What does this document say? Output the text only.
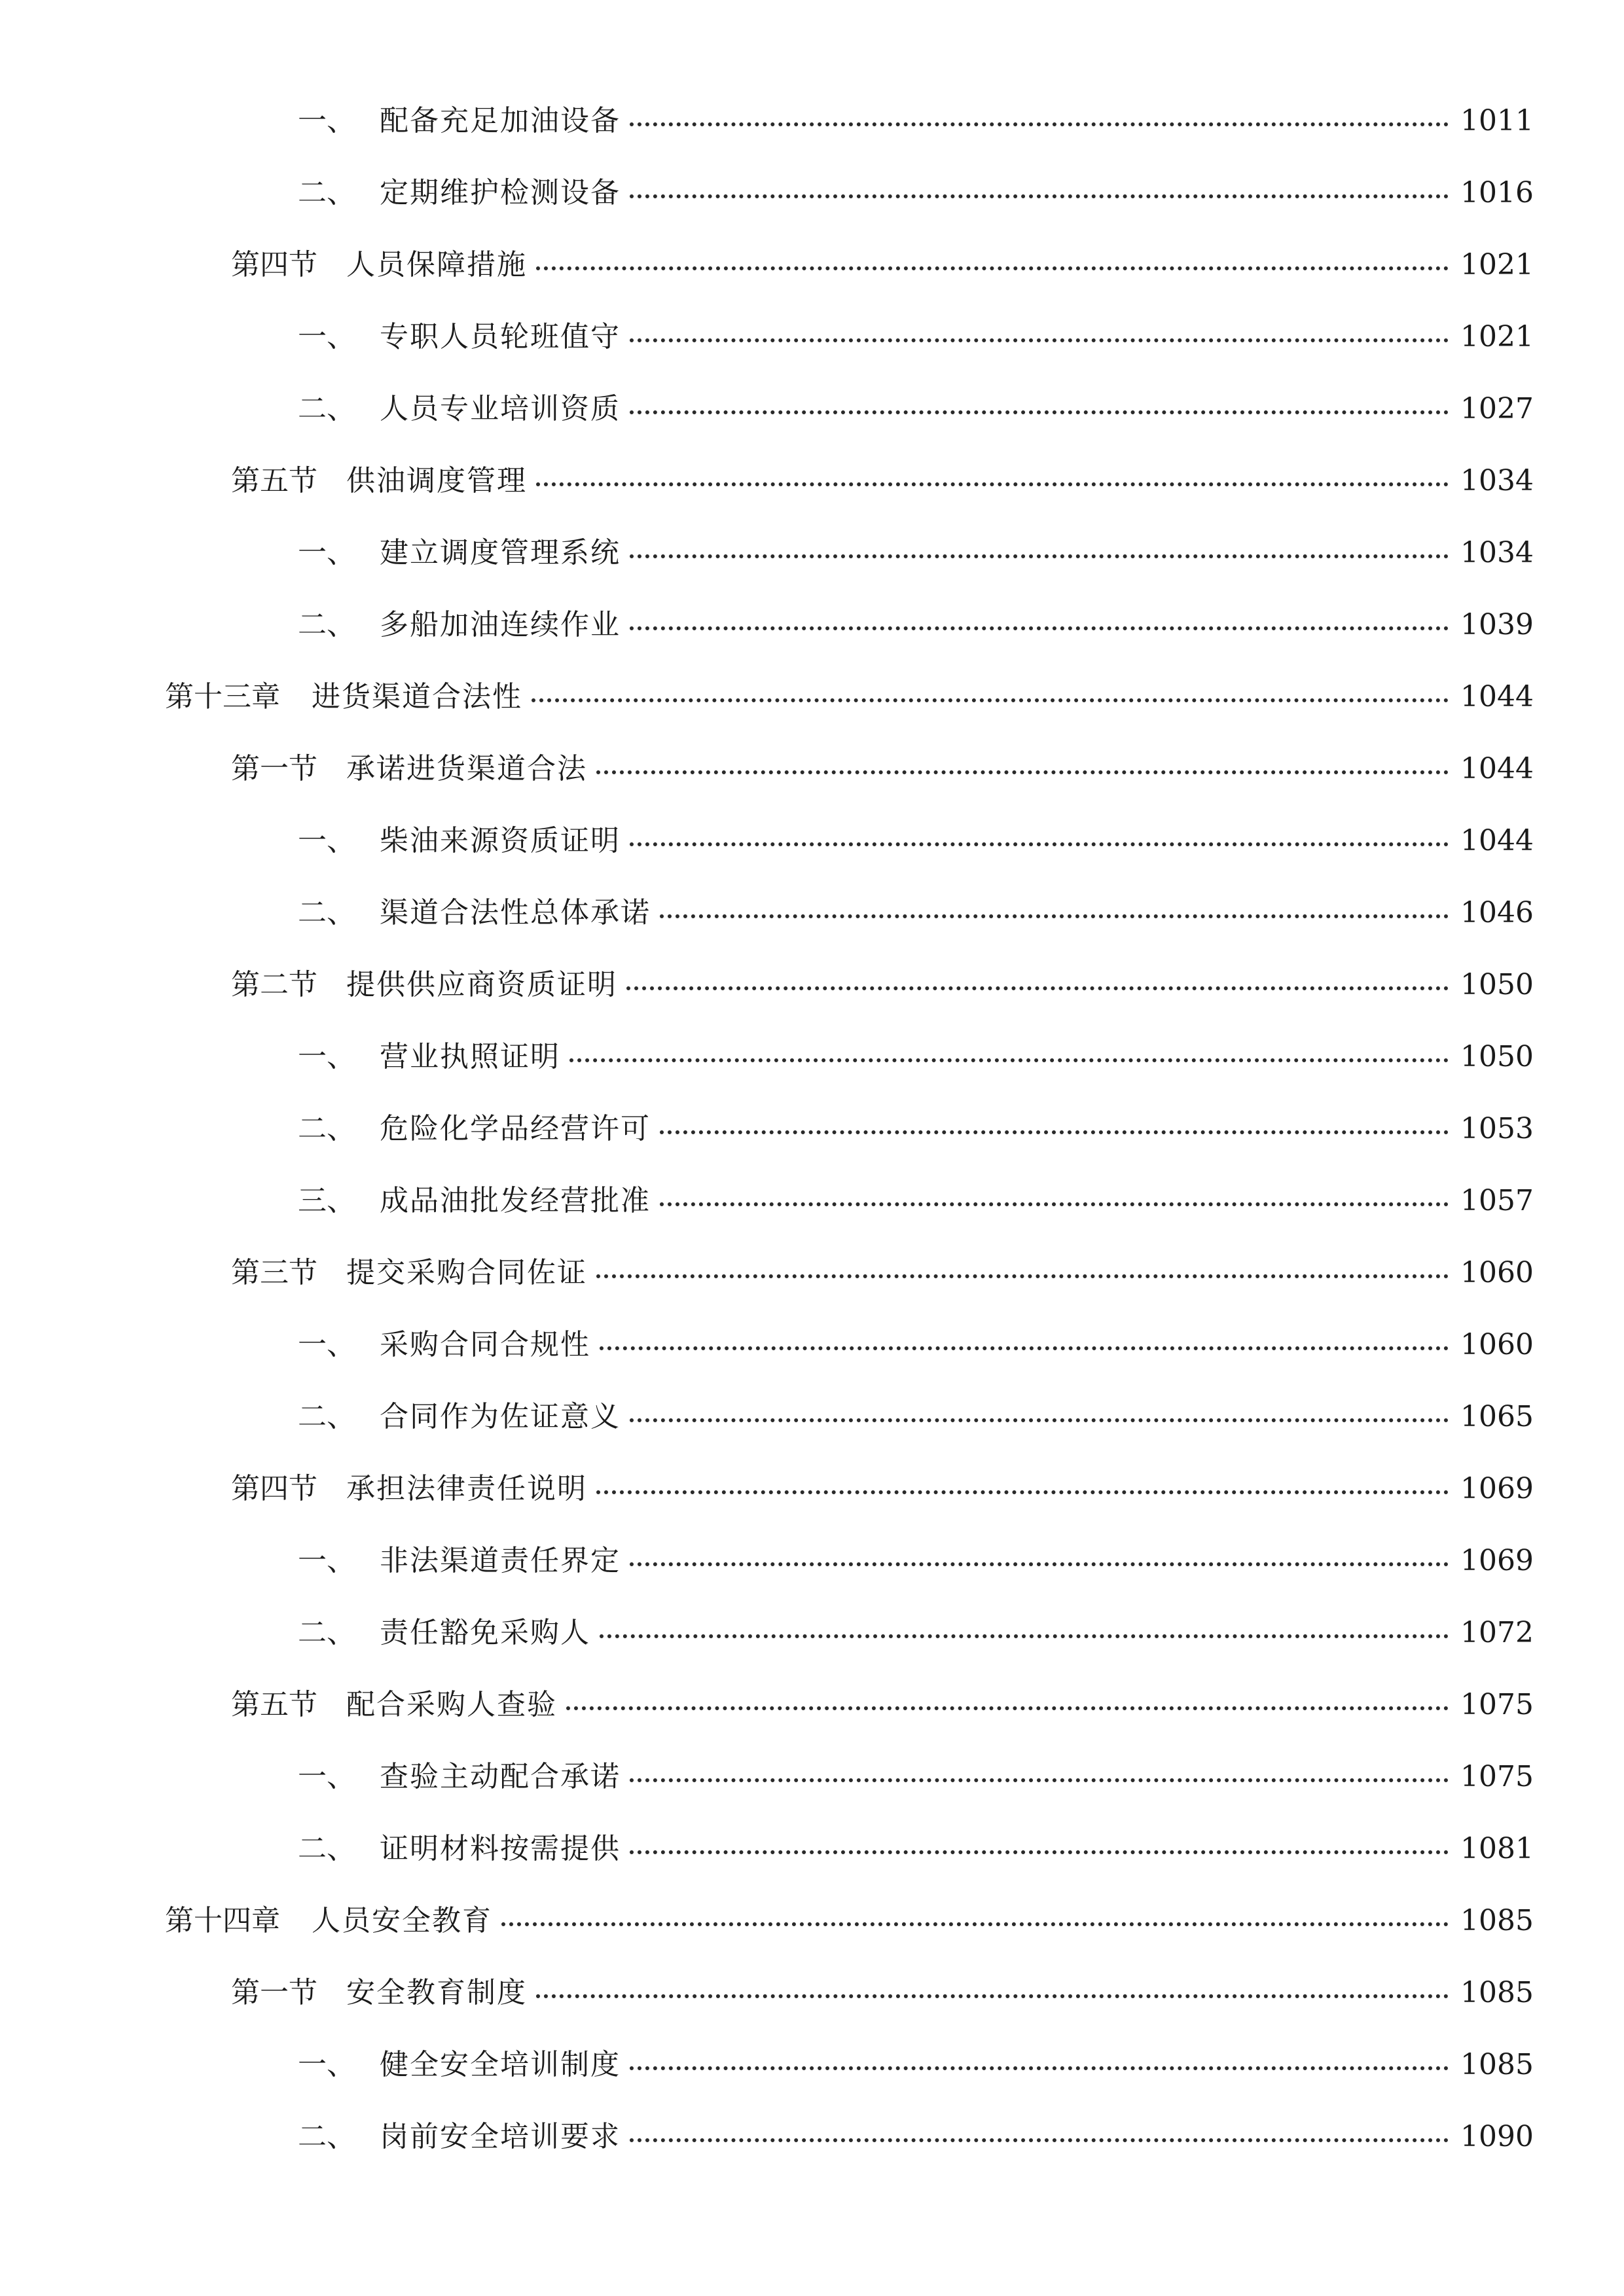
一、 配备充足加油设备	1011
二、 定期维护检测设备	1016
第四节	人员保障措施	1021
一、 专职人员轮班值守	1021
二、 人员专业培训资质	1027
第五节	供油调度管理	1034
一、 建立调度管理系统	1034
二、 多船加油连续作业	1039
第十三章	进货渠道合法性	1044
第一节	承诺进货渠道合法	1044
一、 柴油来源资质证明	1044
二、 渠道合法性总体承诺	1046
第二节	提供供应商资质证明	1050
一、 营业执照证明	1050
二、 危险化学品经营许可	1053
三、 成品油批发经营批准	1057
第三节	提交采购合同佐证	1060
一、 采购合同合规性	1060
二、 合同作为佐证意义	1065
第四节	承担法律责任说明	1069
一、 非法渠道责任界定	1069
二、 责任豁免采购人	1072
第五节	配合采购人查验	1075
一、 查验主动配合承诺	1075
二、 证明材料按需提供	1081
第十四章	人员安全教育	1085
第一节	安全教育制度	1085
一、 健全安全培训制度	1085
二、 岗前安全培训要求	1090
